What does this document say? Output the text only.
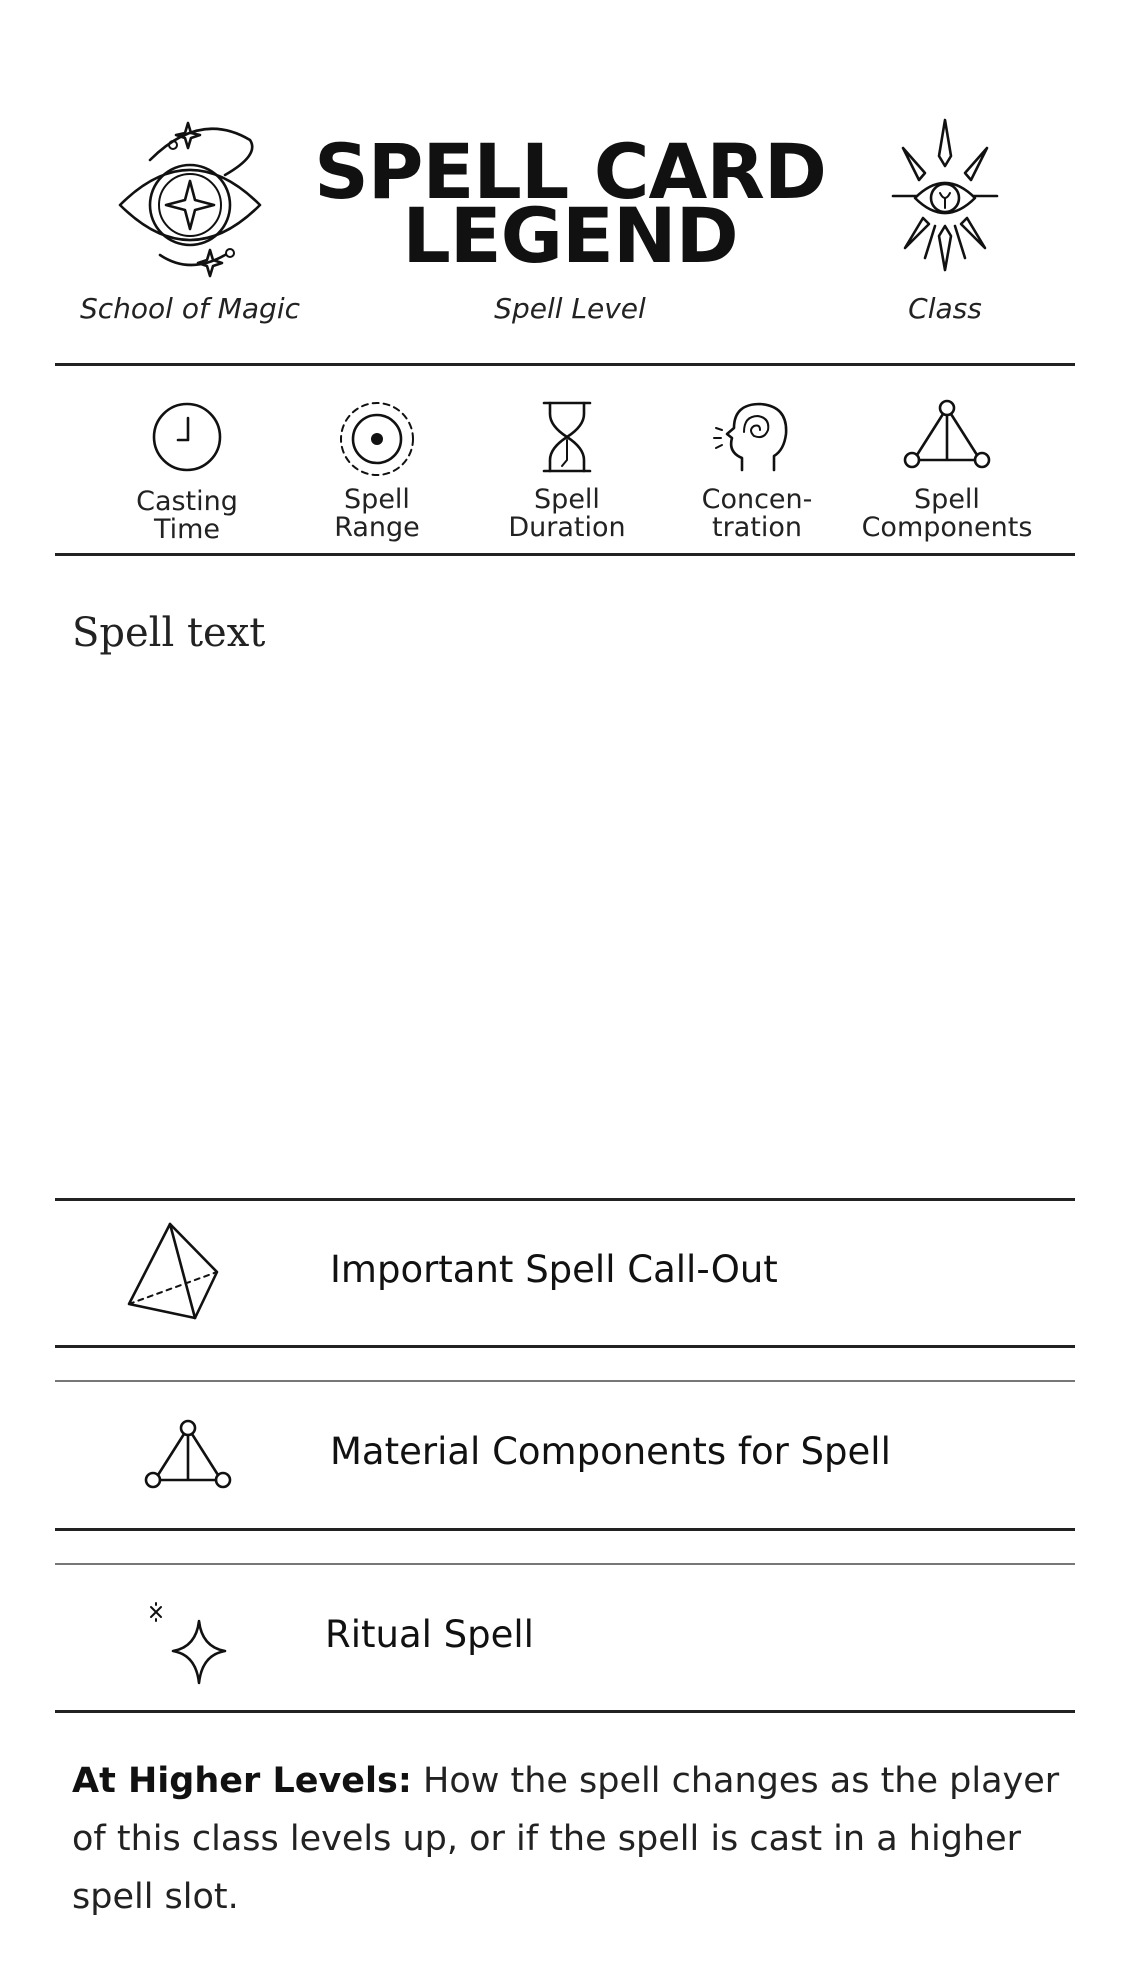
SPELL CARD
LEGEND
School of Magic	Spell Level	Class
Casting
Time
Spell
Range
Spell
Duration
Concen-
tration
Spell
Components
Spell text
Important Spell Call-Out
Material Components for Spell
Ritual Spell
At Higher Levels: How the spell changes as the player of this class levels up, or if the spell is cast in a higher spell slot.
